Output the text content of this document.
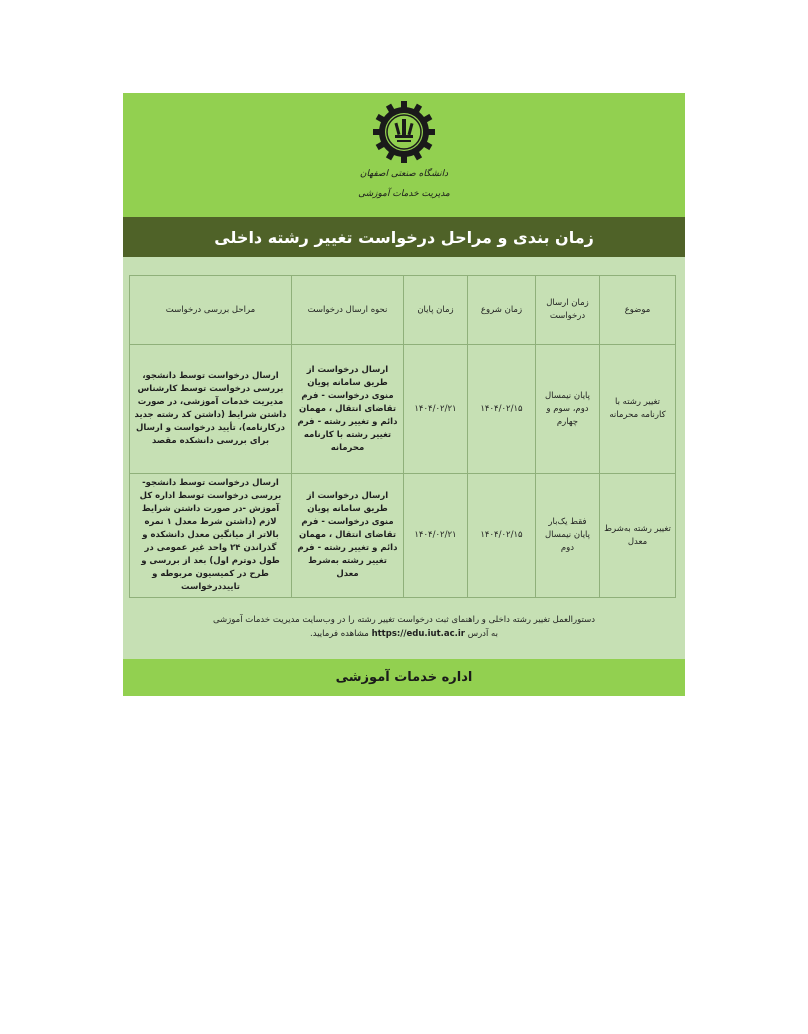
دانشگاه صنعتی اصفهان
مدیریت خدمات آموزشی
زمان بندی و مراحل درخواست تغییر رشته داخلی
موضوع	زمان ارسال درخواست	زمان شروع	زمان پایان	نحوه ارسال درخواست	مراحل بررسی درخواست
تغییر رشته با کارنامه محرمانه	پایان نیمسال دوم، سوم و چهارم	۱۴۰۴/۰۲/۱۵	۱۴۰۴/۰۲/۲۱	ارسال درخواست از طریق سامانه پویان منوی درخواست - فرم تقاضای انتقال ، مهمان دائم و تغییر رشته - فرم تغییر رشته با کارنامه محرمانه	ارسال درخواست توسط دانشجو، بررسی درخواست توسط کارشناس مدیریت خدمات آموزشی، در صورت داشتن شرایط (داشتن کد رشته جدید درکارنامه)، تأیید درخواست و ارسال برای بررسی دانشکده مقصد
تغییر رشته به‌شرط معدل	فقط یک‌بار پایان نیمسال دوم	۱۴۰۴/۰۲/۱۵	۱۴۰۴/۰۲/۲۱	ارسال درخواست از طریق سامانه پویان منوی درخواست - فرم تقاضای انتقال ، مهمان دائم و تغییر رشته - فرم تغییر رشته به‌شرط معدل	ارسال درخواست توسط دانشجو- بررسی درخواست توسط اداره کل آموزش -در صورت داشتن شرایط لازم (داشتن شرط معدل ۱ نمره بالاتر از میانگین معدل دانشکده و گذراندن ۲۴ واحد غیر عمومی در طول دوترم اول) بعد از بررسی و طرح در کمیسیون مربوطه و تاییددرخواست

دستورالعمل تغییر رشته داخلی و راهنمای ثبت درخواست تغییر رشته را در وب‌سایت مدیریت خدمات آموزشی

به آدرس https://edu.iut.ac.ir مشاهده فرمایید.

اداره خدمات آموزشی
